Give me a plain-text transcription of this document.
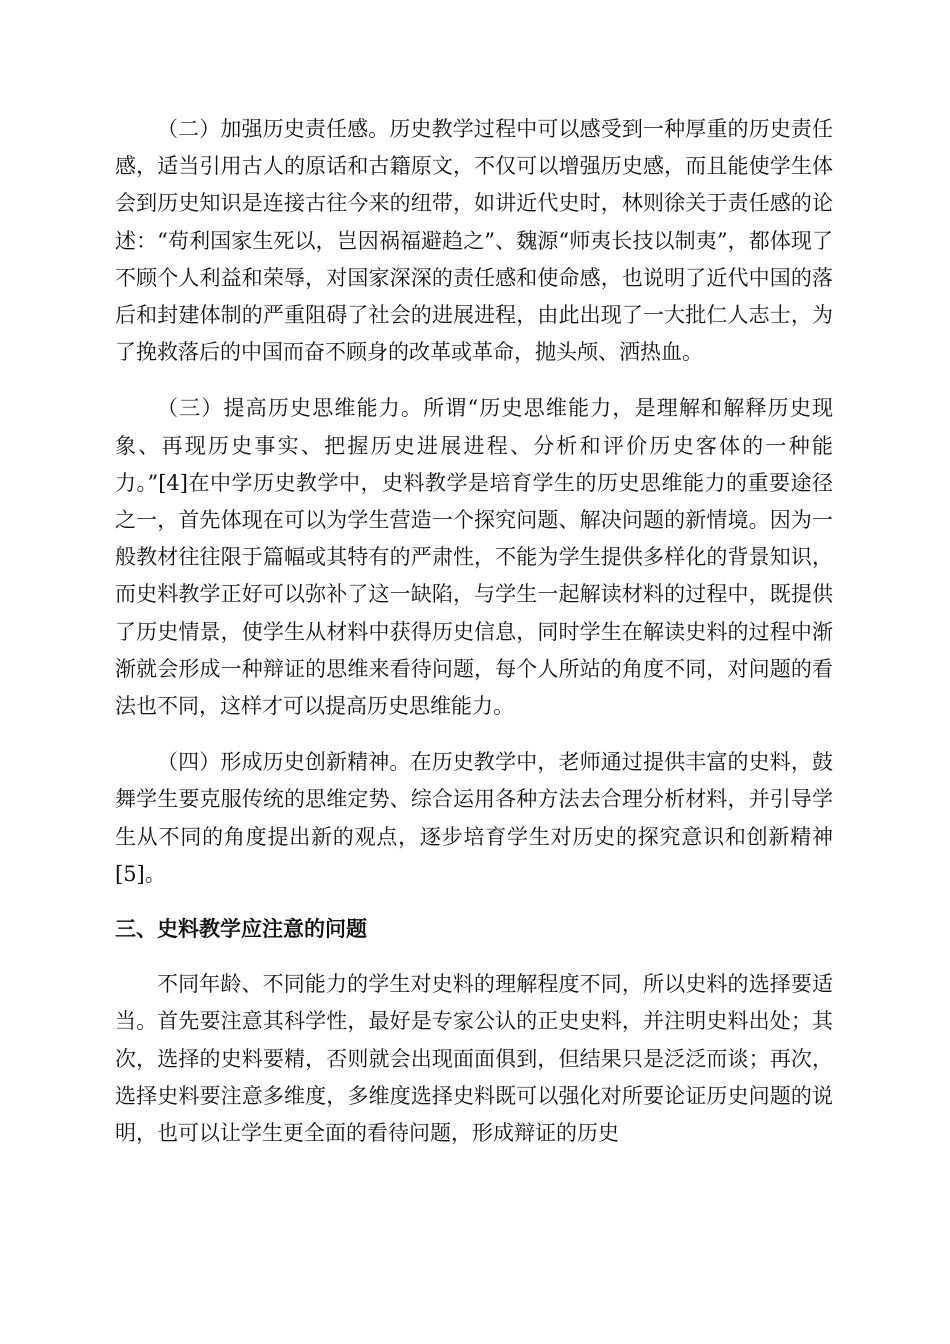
（二）加强历史责任感。历史教学过程中可以感受到一种厚重的历史责任感，适当引用古人的原话和古籍原文，不仅可以增强历史感，而且能使学生体会到历史知识是连接古往今来的纽带，如讲近代史时，林则徐关于责任感的论述：“苟利国家生死以，岂因祸福避趋之”、魏源“师夷长技以制夷”，都体现了不顾个人利益和荣辱，对国家深深的责任感和使命感，也说明了近代中国的落后和封建体制的严重阻碍了社会的进展进程，由此出现了一大批仁人志士，为了挽救落后的中国而奋不顾身的改革或革命，抛头颅、洒热血。

（三）提高历史思维能力。所谓“历史思维能力，是理解和解释历史现象、再现历史事实、把握历史进展进程、分析和评价历史客体的一种能力。”[4]在中学历史教学中，史料教学是培育学生的历史思维能力的重要途径之一，首先体现在可以为学生营造一个探究问题、解决问题的新情境。因为一般教材往往限于篇幅或其特有的严肃性，不能为学生提供多样化的背景知识，而史料教学正好可以弥补了这一缺陷，与学生一起解读材料的过程中，既提供了历史情景，使学生从材料中获得历史信息，同时学生在解读史料的过程中渐渐就会形成一种辩证的思维来看待问题，每个人所站的角度不同，对问题的看法也不同，这样才可以提高历史思维能力。

（四）形成历史创新精神。在历史教学中，老师通过提供丰富的史料，鼓舞学生要克服传统的思维定势、综合运用各种方法去合理分析材料，并引导学生从不同的角度提出新的观点，逐步培育学生对历史的探究意识和创新精神[5]。

三、史料教学应注意的问题

不同年龄、不同能力的学生对史料的理解程度不同，所以史料的选择要适当。首先要注意其科学性，最好是专家公认的正史史料，并注明史料出处；其次，选择的史料要精，否则就会出现面面俱到，但结果只是泛泛而谈；再次，选择史料要注意多维度，多维度选择史料既可以强化对所要论证历史问题的说明，也可以让学生更全面的看待问题，形成辩证的历史
